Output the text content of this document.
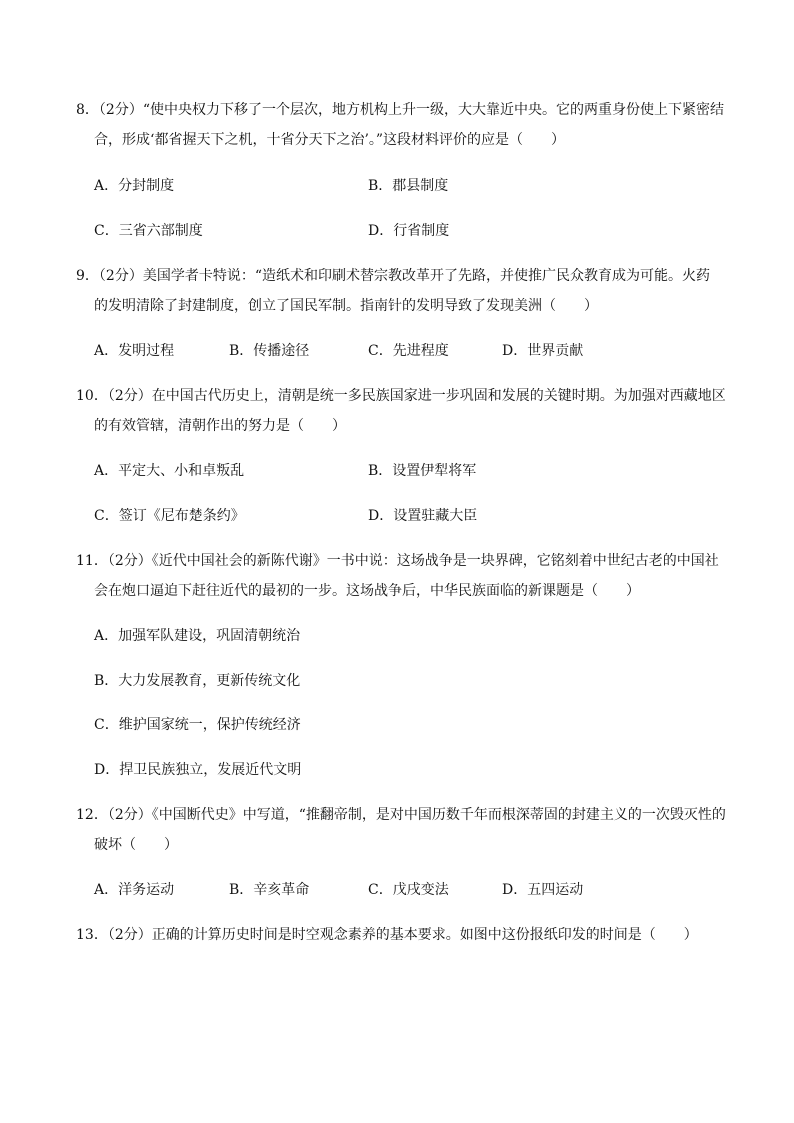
8．（2分）“使中央权力下移了一个层次，地方机构上升一级，大大靠近中央。它的两重身份使上下紧密结
合，形成‘都省握天下之机，十省分天下之治’。”这段材料评价的应是（　　）
A．分封制度	B．郡县制度
C．三省六部制度	D．行省制度
9．（2分）美国学者卡特说：“造纸术和印刷术替宗教改革开了先路，并使推广民众教育成为可能。火药
的发明清除了封建制度，创立了国民军制。指南针的发明导致了发现美洲（　　）
A．发明过程	B．传播途径	C．先进程度	D．世界贡献
10．（2分）在中国古代历史上，清朝是统一多民族国家进一步巩固和发展的关键时期。为加强对西藏地区
的有效管辖，清朝作出的努力是（　　）
A．平定大、小和卓叛乱	B．设置伊犁将军
C．签订《尼布楚条约》	D．设置驻藏大臣
11．（2分）《近代中国社会的新陈代谢》一书中说：这场战争是一块界碑，它铭刻着中世纪古老的中国社
会在炮口逼迫下赶往近代的最初的一步。这场战争后，中华民族面临的新课题是（　　）
A．加强军队建设，巩固清朝统治
B．大力发展教育，更新传统文化
C．维护国家统一，保护传统经济
D．捍卫民族独立，发展近代文明
12．（2分）《中国断代史》中写道，“推翻帝制，是对中国历数千年而根深蒂固的封建主义的一次毁灭性的
破坏（　　）
A．洋务运动	B．辛亥革命	C．戊戌变法	D．五四运动
13．（2分）正确的计算历史时间是时空观念素养的基本要求。如图中这份报纸印发的时间是（　　）
